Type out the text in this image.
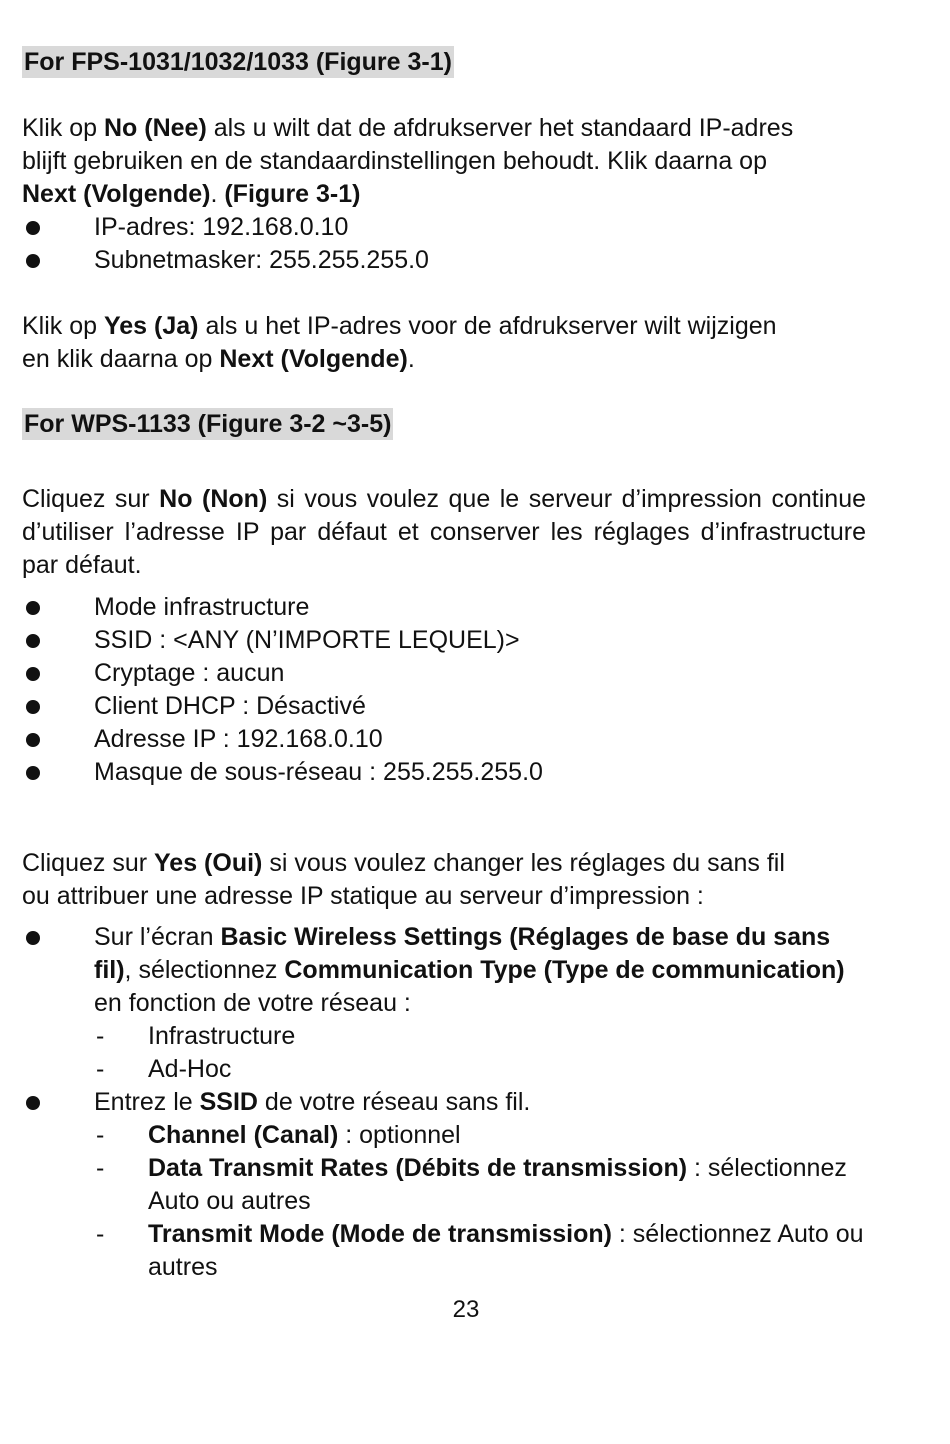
For FPS-1031/1032/1033 (Figure 3-1)

Klik op No (Nee) als u wilt dat de afdrukserver het standaard IP-adres
blijft gebruiken en de standaardinstellingen behoudt. Klik daarna op
Next (Volgende). (Figure 3-1)

IP-adres: 192.168.0.10
Subnetmasker: 255.255.255.0

Klik op Yes (Ja) als u het IP-adres voor de afdrukserver wilt wijzigen
en klik daarna op Next (Volgende).

For WPS-1133 (Figure 3-2 ~3-5)

Cliquez sur No (Non) si vous voulez que le serveur d’impression continue d’utiliser l’adresse IP par défaut et conserver les réglages d’infrastructure par défaut.

Mode infrastructure
SSID : <ANY (N’IMPORTE LEQUEL)>
Cryptage : aucun
Client DHCP : Désactivé
Adresse IP : 192.168.0.10
Masque de sous-réseau : 255.255.255.0

Cliquez sur Yes (Oui) si vous voulez changer les réglages du sans fil
ou attribuer une adresse IP statique au serveur d’impression :

Sur l’écran Basic Wireless Settings (Réglages de base du sans fil), sélectionnez Communication Type (Type de communication) en fonction de votre réseau :
- Infrastructure
- Ad-Hoc
Entrez le SSID de votre réseau sans fil.
- Channel (Canal) : optionnel
- Data Transmit Rates (Débits de transmission) : sélectionnez Auto ou autres
- Transmit Mode (Mode de transmission) : sélectionnez Auto ou autres
23
